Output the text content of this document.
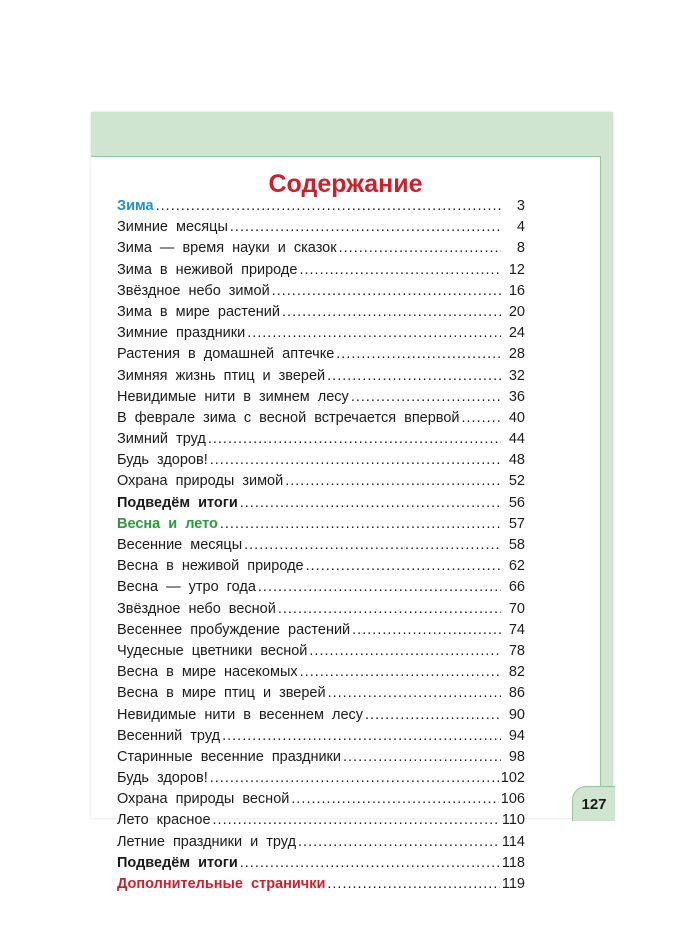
Содержание
Зима .....	3
Зимние месяцы .....	4
Зима — время науки и сказок .....	8
Зима в неживой природе .....	12
Звёздное небо зимой .....	16
Зима в мире растений .....	20
Зимние праздники .....	24
Растения в домашней аптечке .....	28
Зимняя жизнь птиц и зверей .....	32
Невидимые нити в зимнем лесу .....	36
В феврале зима с весной встречается впервой .....	40
Зимний труд .....	44
Будь здоров! .....	48
Охрана природы зимой .....	52
Подведём итоги .....	56
Весна и лето .....	57
Весенние месяцы .....	58
Весна в неживой природе .....	62
Весна — утро года .....	66
Звёздное небо весной .....	70
Весеннее пробуждение растений .....	74
Чудесные цветники весной .....	78
Весна в мире насекомых .....	82
Весна в мире птиц и зверей .....	86
Невидимые нити в весеннем лесу .....	90
Весенний труд .....	94
Старинные весенние праздники .....	98
Будь здоров! .....	102
Охрана природы весной .....	106
Лето красное .....	110
Летние праздники и труд .....	114
Подведём итоги .....	118
Дополнительные странички .....	119
127
